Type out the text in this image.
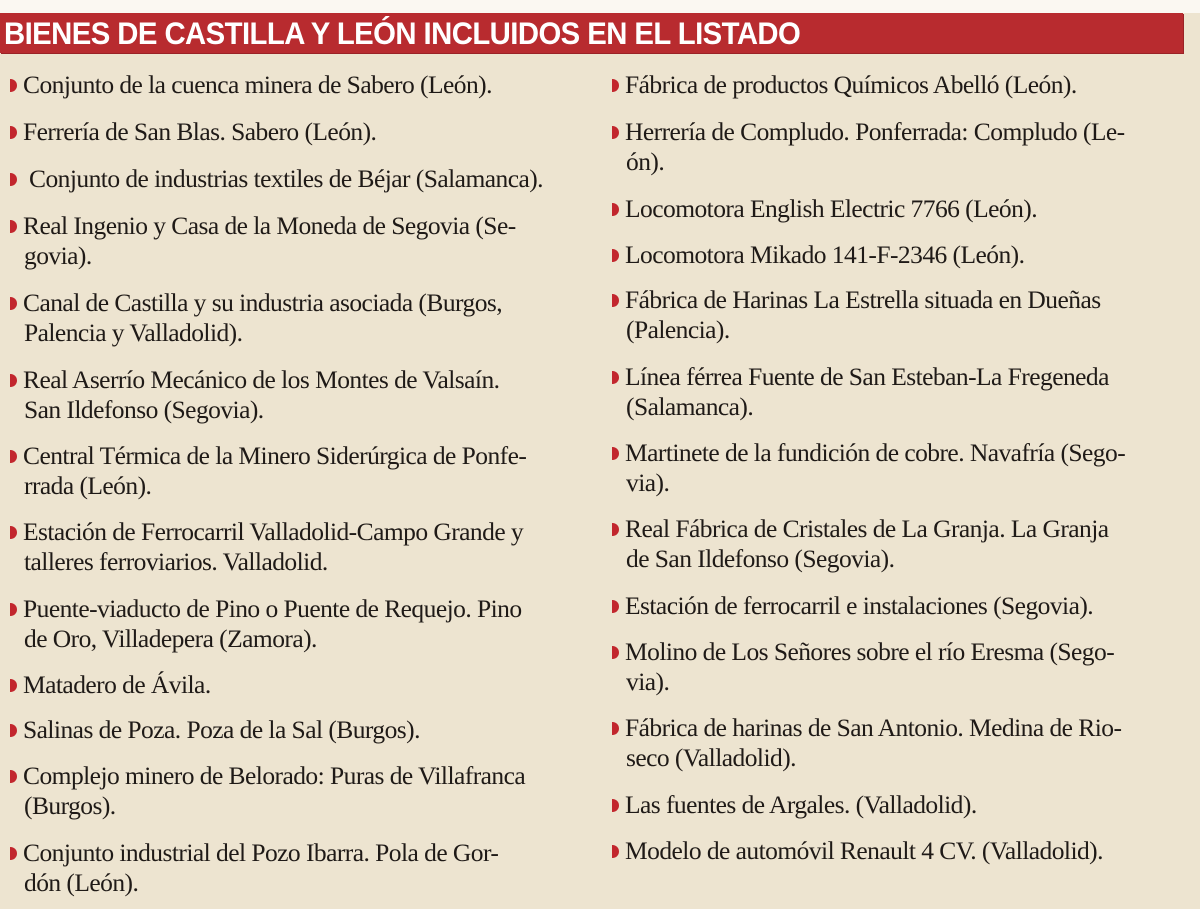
BIENES DE CASTILLA Y LEÓN INCLUIDOS EN EL LISTADO
Conjunto de la cuenca minera de Sabero (León).
Ferrería de San Blas. Sabero (León).
Conjunto de industrias textiles de Béjar (Salamanca).
Real Ingenio y Casa de la Moneda de Segovia (Se-
govia).
Canal de Castilla y su industria asociada (Burgos,
Palencia y Valladolid).
Real Aserrío Mecánico de los Montes de Valsaín.
San Ildefonso (Segovia).
Central Térmica de la Minero Siderúrgica de Ponfe-
rrada (León).
Estación de Ferrocarril Valladolid-Campo Grande y
talleres ferroviarios. Valladolid.
Puente-viaducto de Pino o Puente de Requejo. Pino
de Oro, Villadepera (Zamora).
Matadero de Ávila.
Salinas de Poza. Poza de la Sal (Burgos).
Complejo minero de Belorado: Puras de Villafranca
(Burgos).
Conjunto industrial del Pozo Ibarra. Pola de Gor-
dón (León).
Fábrica de productos Químicos Abelló (León).
Herrería de Compludo. Ponferrada: Compludo (Le-
ón).
Locomotora English Electric 7766 (León).
Locomotora Mikado 141-F-2346 (León).
Fábrica de Harinas La Estrella situada en Dueñas
(Palencia).
Línea férrea Fuente de San Esteban-La Fregeneda
(Salamanca).
Martinete de la fundición de cobre. Navafría (Sego-
via).
Real Fábrica de Cristales de La Granja. La Granja
de San Ildefonso (Segovia).
Estación de ferrocarril e instalaciones (Segovia).
Molino de Los Señores sobre el río Eresma (Sego-
via).
Fábrica de harinas de San Antonio. Medina de Rio-
seco (Valladolid).
Las fuentes de Argales. (Valladolid).
Modelo de automóvil Renault 4 CV. (Valladolid).
